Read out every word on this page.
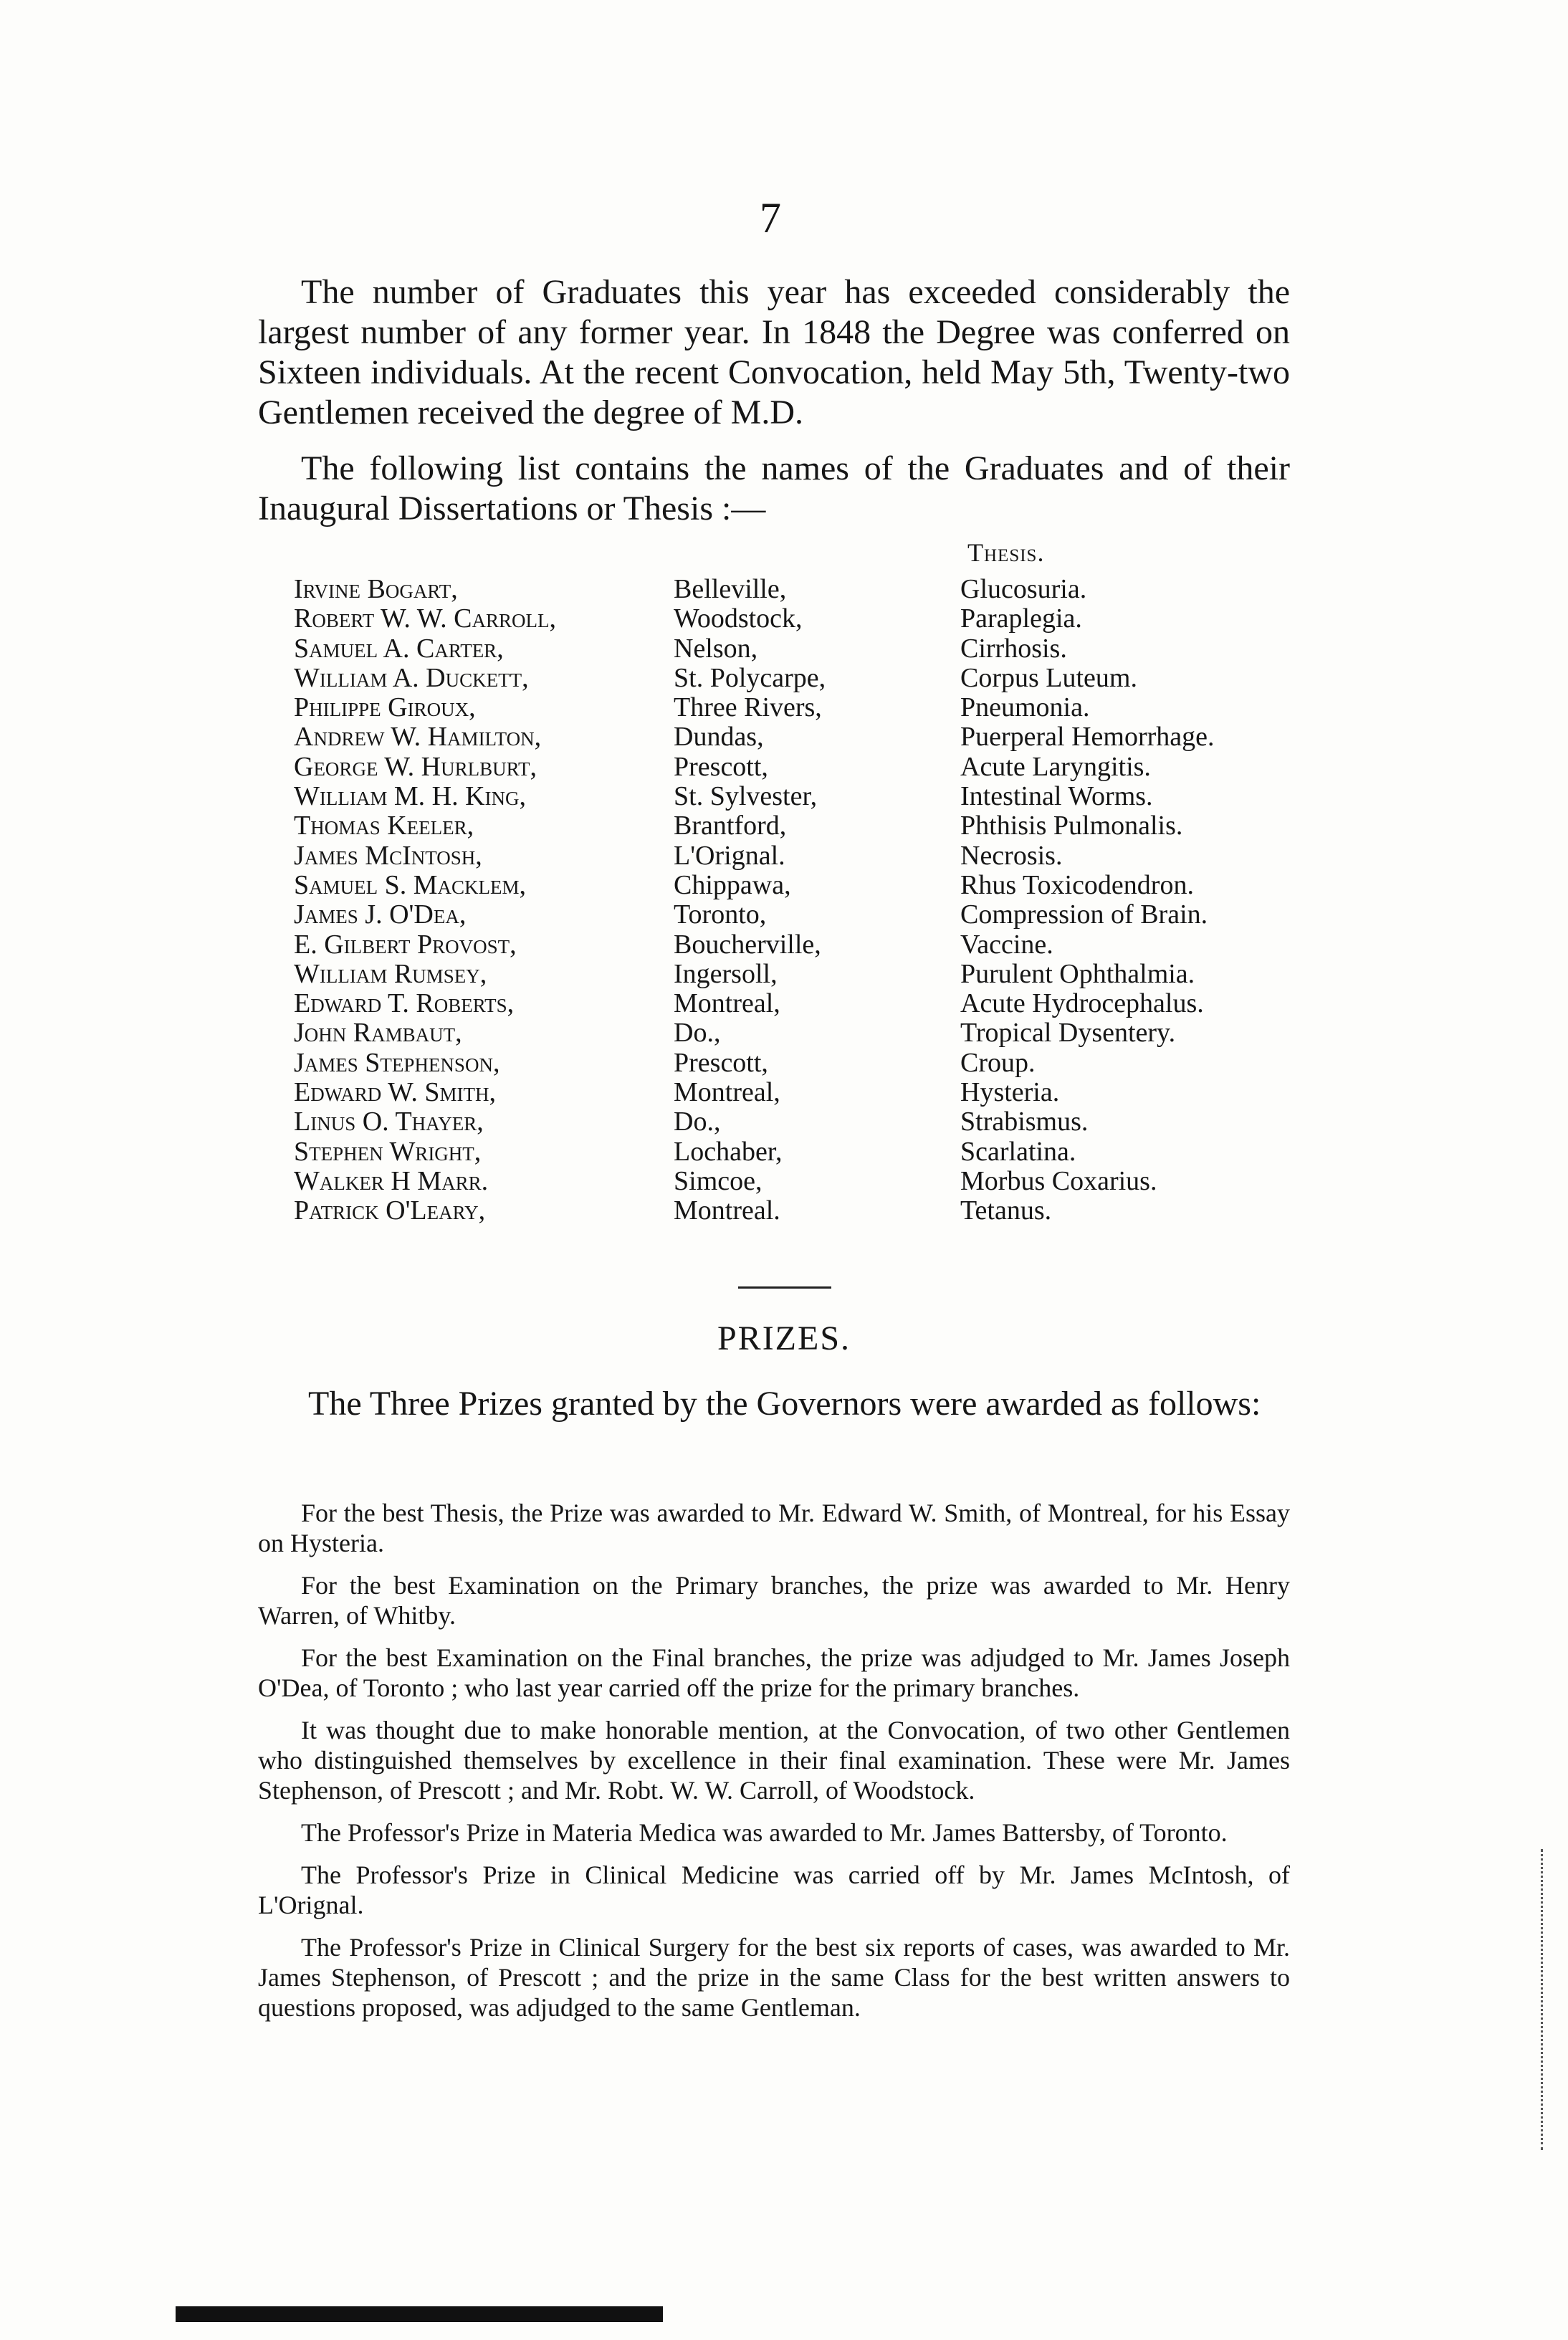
7

The number of Graduates this year has exceeded considerably the largest number of any former year. In 1848 the Degree was conferred on Sixteen individuals. At the recent Convocation, held May 5th, Twenty-two Gentlemen received the degree of M.D.

The following list contains the names of the Graduates and of their Inaugural Dissertations or Thesis :—

Thesis.
Irvine Bogart,	Belleville,	Glucosuria.
Robert W. W. Carroll,	Woodstock,	Paraplegia.
Samuel A. Carter,	Nelson,	Cirrhosis.
William A. Duckett,	St. Polycarpe,	Corpus Luteum.
Philippe Giroux,	Three Rivers,	Pneumonia.
Andrew W. Hamilton,	Dundas,	Puerperal Hemorrhage.
George W. Hurlburt,	Prescott,	Acute Laryngitis.
William M. H. King,	St. Sylvester,	Intestinal Worms.
Thomas Keeler,	Brantford,	Phthisis Pulmonalis.
James McIntosh,	L'Orignal.	Necrosis.
Samuel S. Macklem,	Chippawa,	Rhus Toxicodendron.
James J. O'Dea,	Toronto,	Compression of Brain.
E. Gilbert Provost,	Boucherville,	Vaccine.
William Rumsey,	Ingersoll,	Purulent Ophthalmia.
Edward T. Roberts,	Montreal,	Acute Hydrocephalus.
John Rambaut,	Do.,	Tropical Dysentery.
James Stephenson,	Prescott,	Croup.
Edward W. Smith,	Montreal,	Hysteria.
Linus O. Thayer,	Do.,	Strabismus.
Stephen Wright,	Lochaber,	Scarlatina.
Walker H Marr.	Simcoe,	Morbus Coxarius.
Patrick O'Leary,	Montreal.	Tetanus.
PRIZES.
The Three Prizes granted by the Governors were awarded as follows:

For the best Thesis, the Prize was awarded to Mr. Edward W. Smith, of Montreal, for his Essay on Hysteria.

For the best Examination on the Primary branches, the prize was awarded to Mr. Henry Warren, of Whitby.

For the best Examination on the Final branches, the prize was adjudged to Mr. James Joseph O'Dea, of Toronto ; who last year carried off the prize for the primary branches.

It was thought due to make honorable mention, at the Convocation, of two other Gentlemen who distinguished themselves by excellence in their final examination. These were Mr. James Stephenson, of Prescott ; and Mr. Robt. W. W. Carroll, of Woodstock.

The Professor's Prize in Materia Medica was awarded to Mr. James Battersby, of Toronto.

The Professor's Prize in Clinical Medicine was carried off by Mr. James McIntosh, of L'Orignal.

The Professor's Prize in Clinical Surgery for the best six reports of cases, was awarded to Mr. James Stephenson, of Prescott ; and the prize in the same Class for the best written answers to questions proposed, was adjudged to the same Gentleman.
